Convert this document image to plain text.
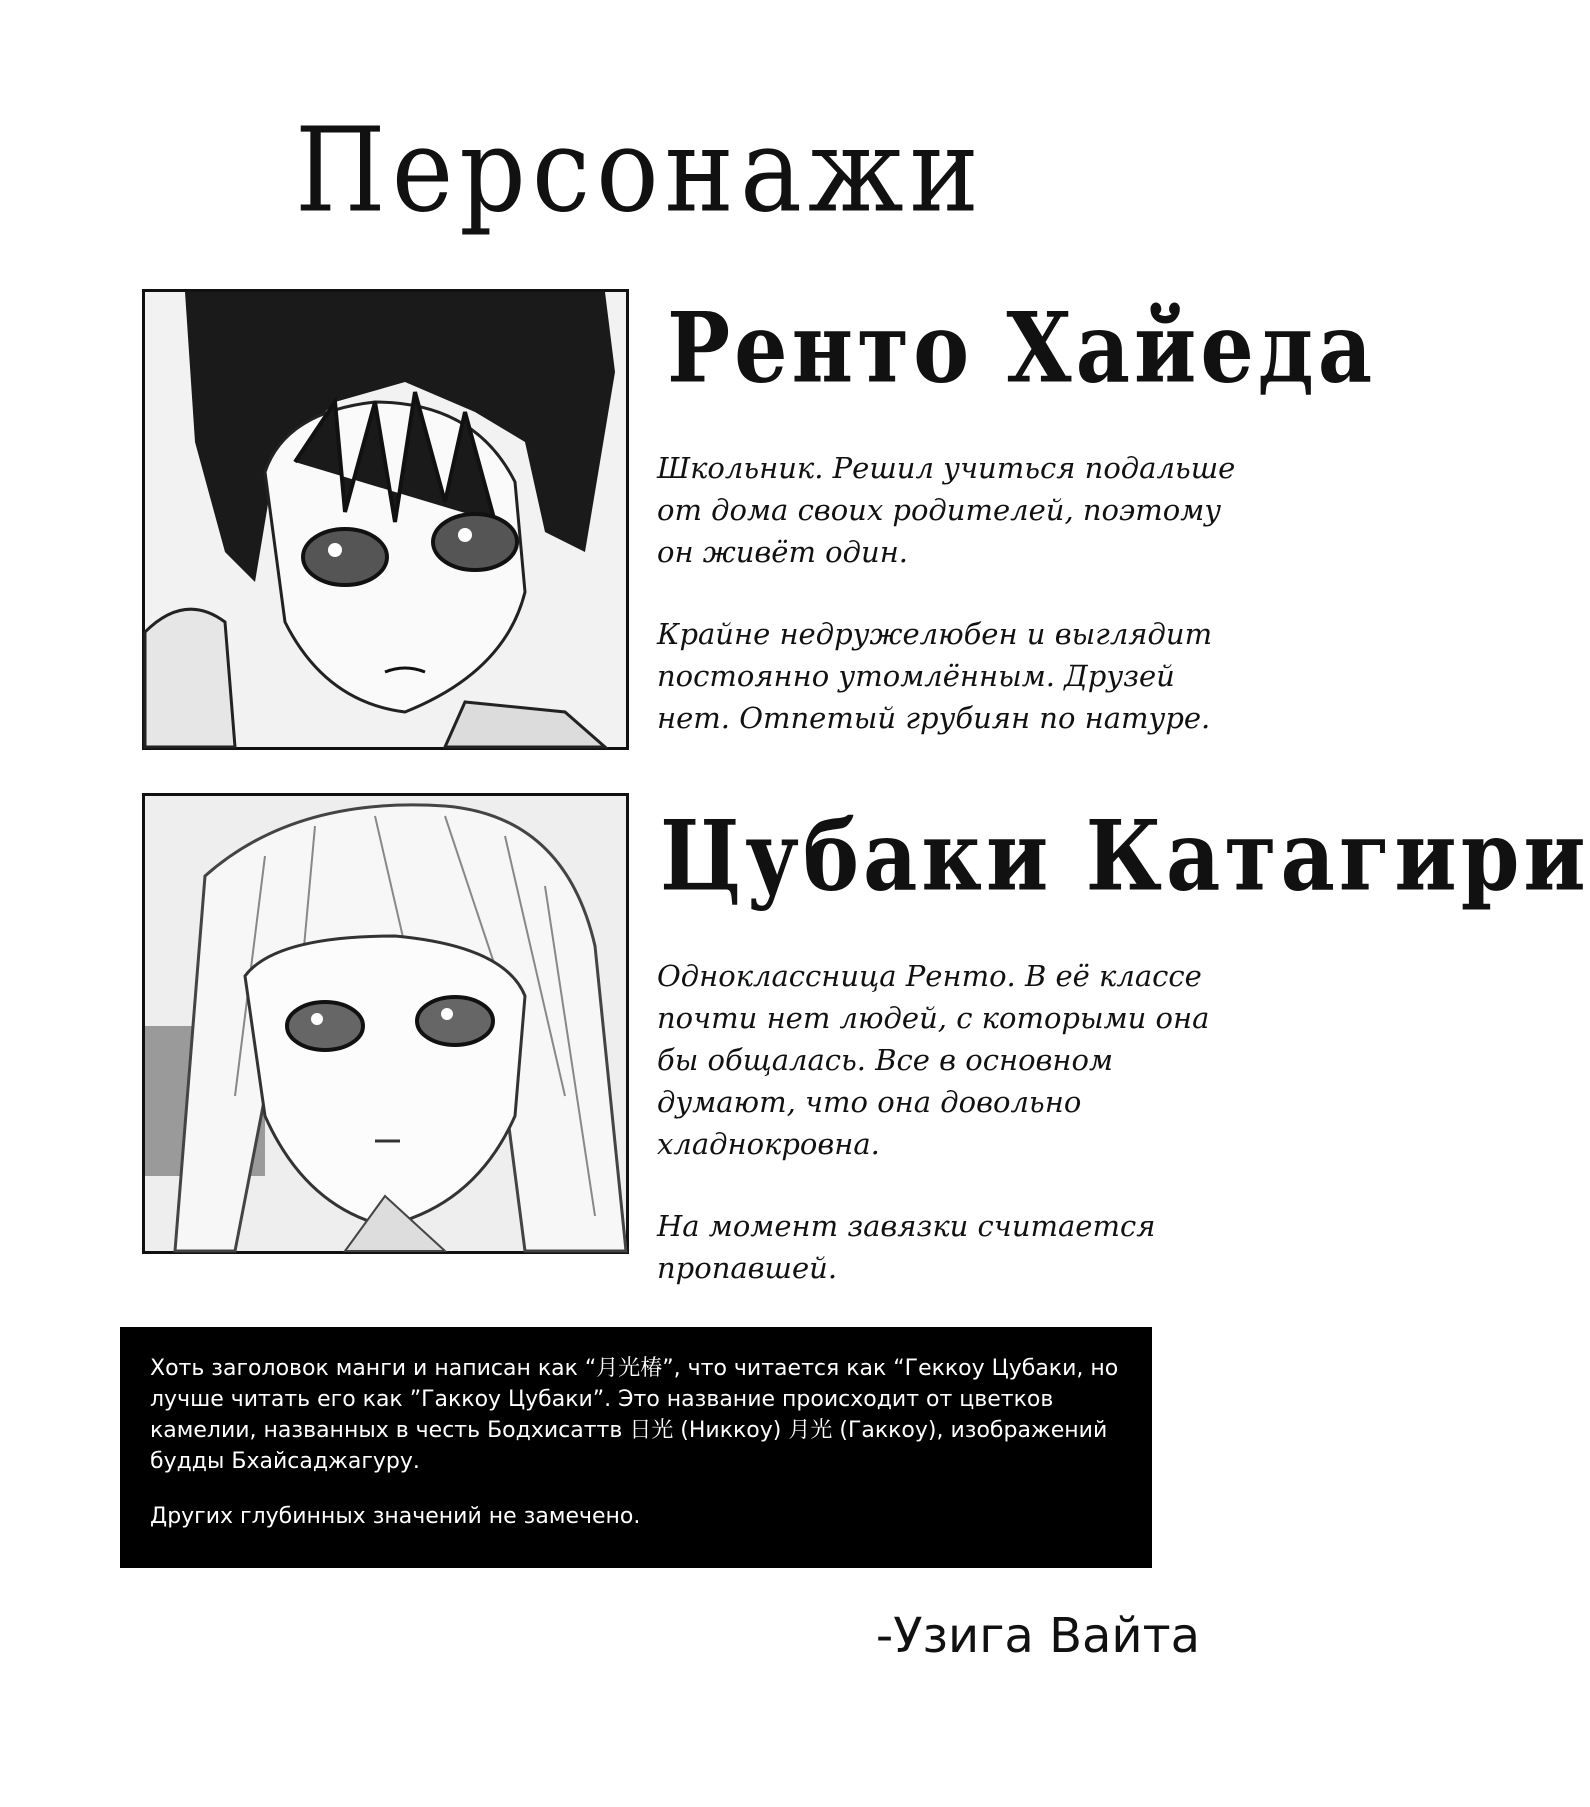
Персонажи
Ренто Хайеда

Школьник. Решил учиться подальше от дома своих родителей, поэтому он живёт один.

Крайне недружелюбен и выглядит постоянно утомлённым. Друзей нет. Отпетый грубиян по натуре.

Цубаки Катагири

Одноклассница Ренто. В её классе почти нет людей, с которыми она бы общалась. Все в основном думают, что она довольно хладнокровна.

На момент завязки считается пропавшей.

Хоть заголовок манги и написан как “月光椿”, что читается как “Геккоу Цубаки, но лучше читать его как ”Гаккоу Цубаки”. Это название происходит от цветков камелии, названных в честь Бодхисаттв 日光 (Никкоу) 月光 (Гаккоу), изображений будды Бхайсаджагуру.

Других глубинных значений не замечено.

-Узига Вайта
